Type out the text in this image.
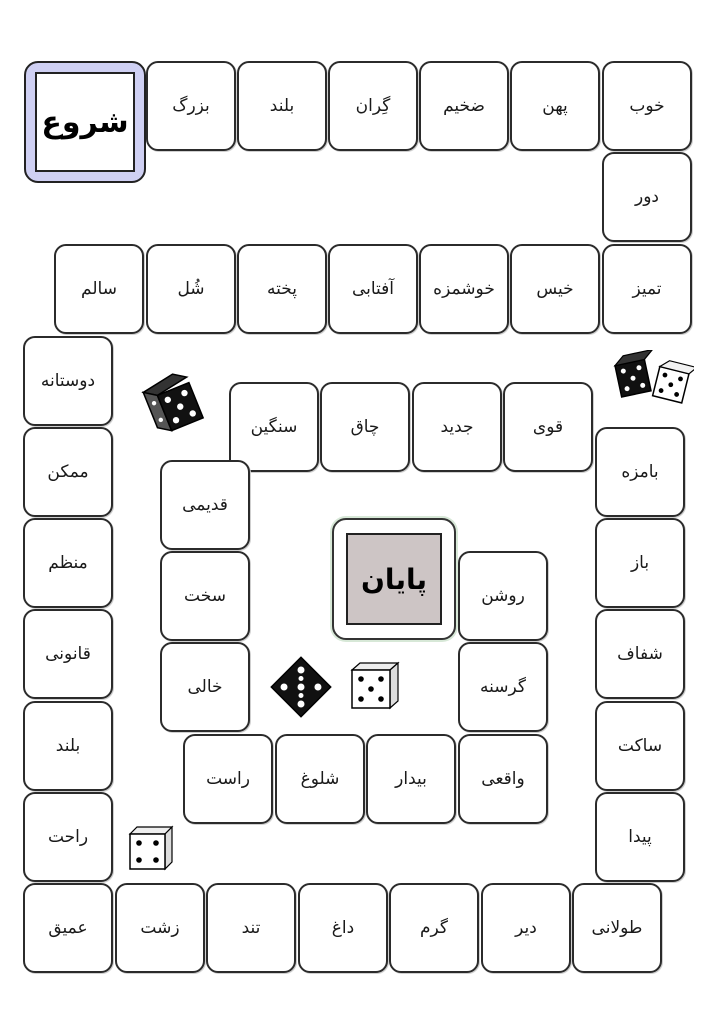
شروع
پایان
بزرگ	بلند	گِران	ضخیم	پهن	خوب
دور
تمیز
خیس
خوشمزه
آفتابی
پخته
شُل
سالم
دوستانه
ممکن
منظم
قانونی
بلند
راحت
عمیق	زشت	تند	داغ	گرم	دیر	طولانی
پیدا
ساکت
شفاف
باز
بامزه
قوی
جدید
چاق
سنگین
قدیمی
سخت
خالی
راست	شلوغ	بیدار	واقعی
گرسنه
روشن
